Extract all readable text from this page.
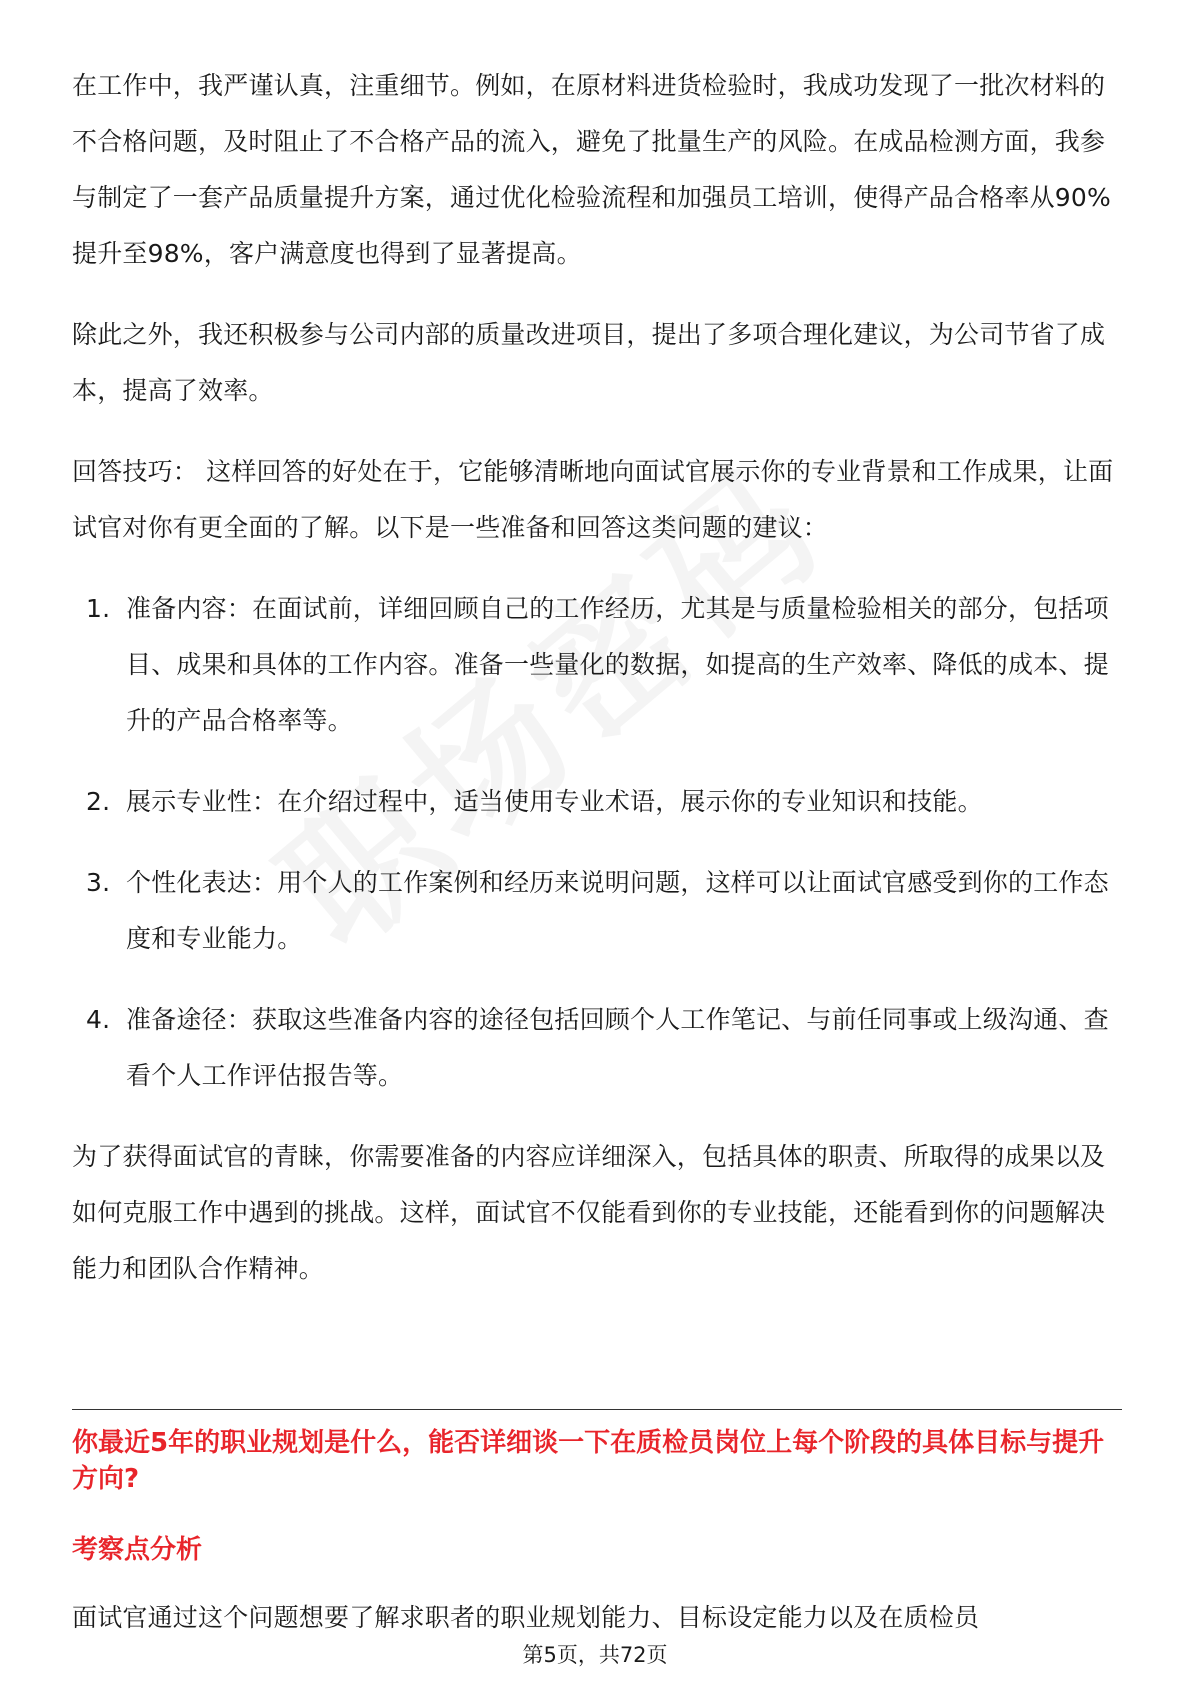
在工作中，我严谨认真，注重细节。例如，在原材料进货检验时，我成功发现了一批次材料的不合格问题，及时阻止了不合格产品的流入，避免了批量生产的风险。在成品检测方面，我参与制定了一套产品质量提升方案，通过优化检验流程和加强员工培训，使得产品合格率从90%提升至98%，客户满意度也得到了显著提高。

除此之外，我还积极参与公司内部的质量改进项目，提出了多项合理化建议，为公司节省了成本，提高了效率。

回答技巧： 这样回答的好处在于，它能够清晰地向面试官展示你的专业背景和工作成果，让面试官对你有更全面的了解。以下是一些准备和回答这类问题的建议：

1. 准备内容：在面试前，详细回顾自己的工作经历，尤其是与质量检验相关的部分，包括项目、成果和具体的工作内容。准备一些量化的数据，如提高的生产效率、降低的成本、提升的产品合格率等。
2. 展示专业性：在介绍过程中，适当使用专业术语，展示你的专业知识和技能。
3. 个性化表达：用个人的工作案例和经历来说明问题，这样可以让面试官感受到你的工作态度和专业能力。
4. 准备途径：获取这些准备内容的途径包括回顾个人工作笔记、与前任同事或上级沟通、查看个人工作评估报告等。

为了获得面试官的青睐，你需要准备的内容应详细深入，包括具体的职责、所取得的成果以及如何克服工作中遇到的挑战。这样，面试官不仅能看到你的专业技能，还能看到你的问题解决能力和团队合作精神。

你最近5年的职业规划是什么，能否详细谈一下在质检员岗位上每个阶段的具体目标与提升方向?
考察点分析

面试官通过这个问题想要了解求职者的职业规划能力、目标设定能力以及在质检员

第5页，共72页
